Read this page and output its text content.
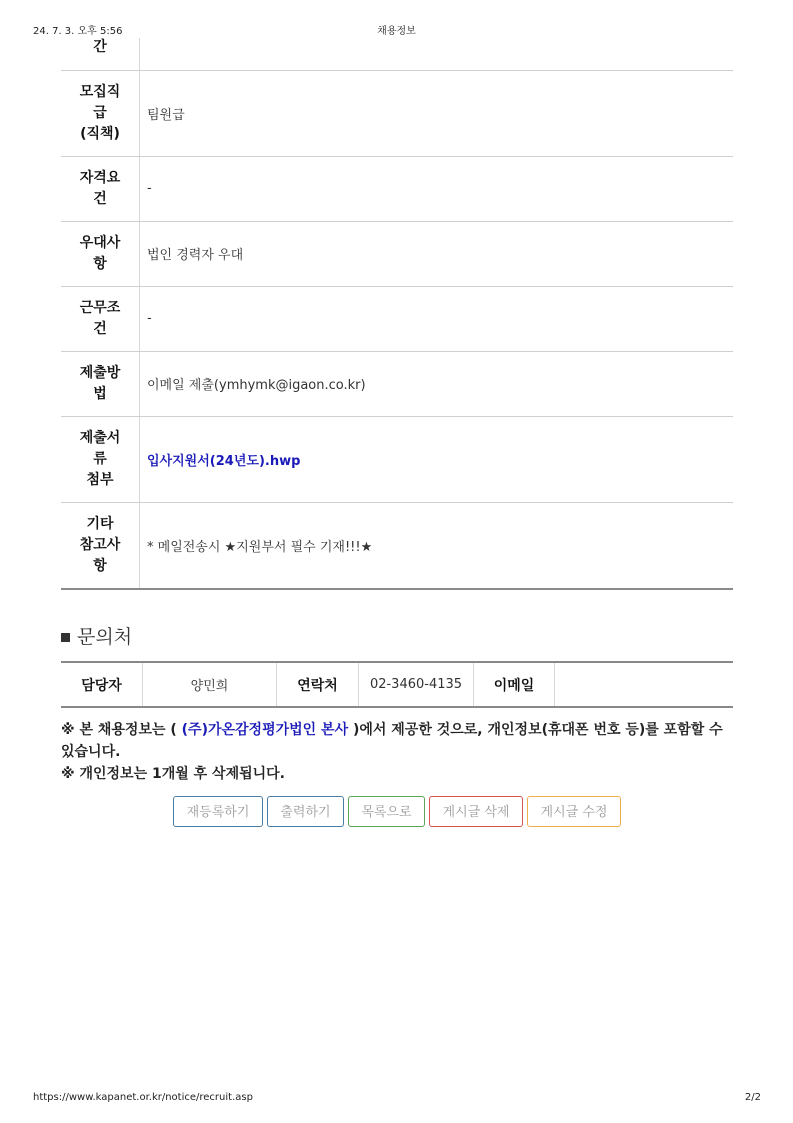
24. 7. 3. 오후 5:56	채용정보
간	

모집직
급
(직책)	팀원급

자격요
건	-

우대사
항	법인 경력자 우대

근무조
건	-

제출방
법	이메일 제출(ymhymk@igaon.co.kr)

제출서
류
첨부	입사지원서(24년도).hwp

기타
참고사
항	* 메일전송시 ★지원부서 필수 기재!!!★
문의처
담당자	양민희	연락처	02-3460-4135	이메일	

※ 본 채용정보는 ( (주)가온감정평가법인 본사 )에서 제공한 것으로, 개인정보(휴대폰 번호 등)를 포함할 수 있습니다.

※ 개인정보는 1개월 후 삭제됩니다.

재등록하기	출력하기	목록으로	게시글 삭제	게시글 수정
https://www.kapanet.or.kr/notice/recruit.asp	2/2
